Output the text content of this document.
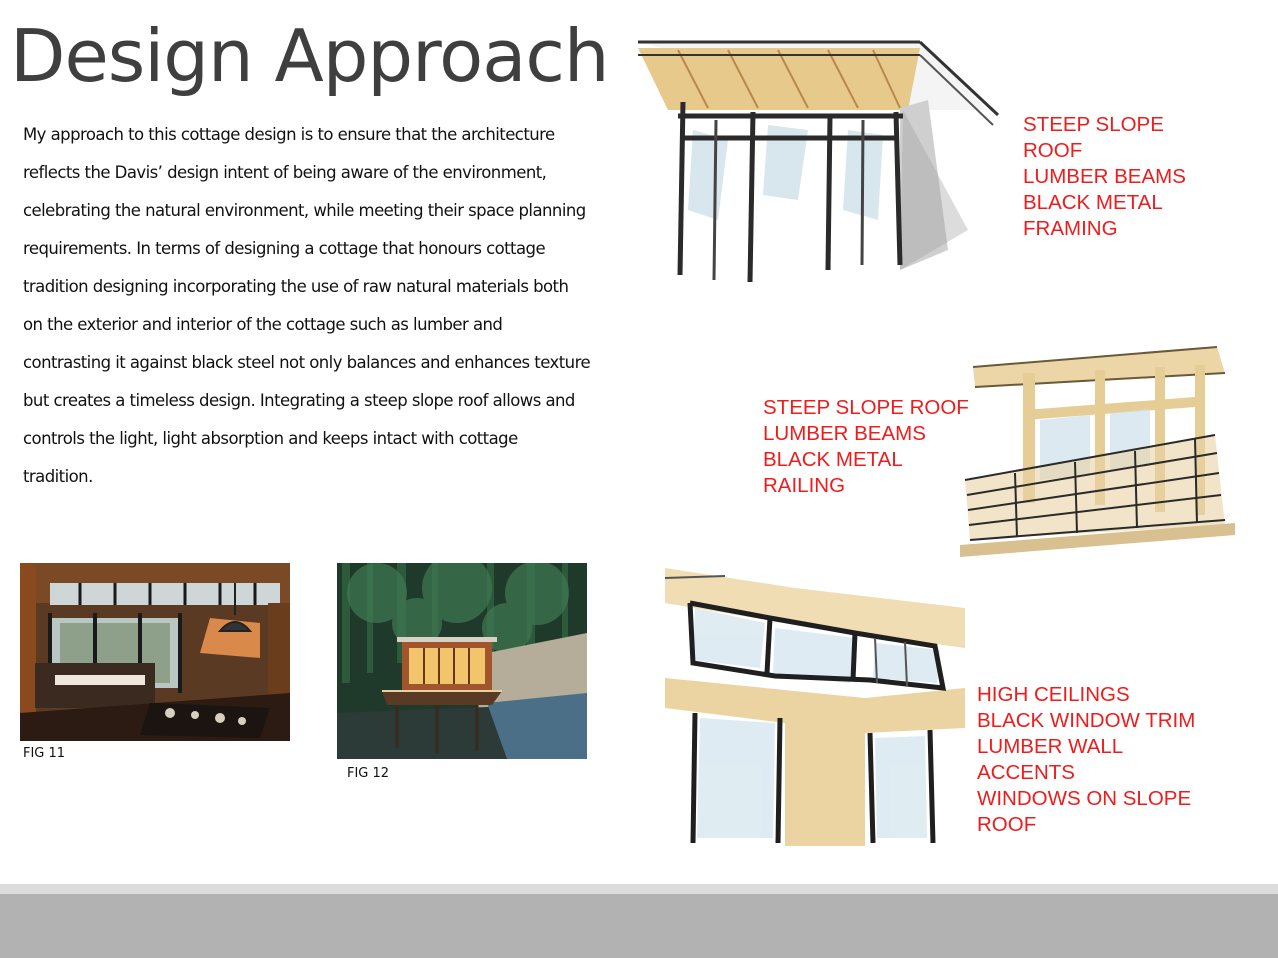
Design Approach
My approach to this cottage design is to ensure that the architecture
reflects the Davis’ design intent of being aware of the environment,
celebrating the natural environment, while meeting their space planning
requirements. In terms of designing a cottage that honours cottage
tradition designing incorporating the use of raw natural materials both
on the exterior and interior of the cottage such as lumber and
contrasting it against black steel not only balances and enhances texture
but creates a timeless design. Integrating a steep slope roof allows and
controls the light, light absorption and keeps intact with cottage
tradition.
FIG 11
FIG 12
STEEP SLOPE
ROOF
LUMBER BEAMS
BLACK METAL
FRAMING
STEEP SLOPE ROOF
LUMBER BEAMS
BLACK METAL
RAILING
HIGH CEILINGS
BLACK WINDOW TRIM
LUMBER WALL
ACCENTS
WINDOWS ON SLOPE
ROOF
